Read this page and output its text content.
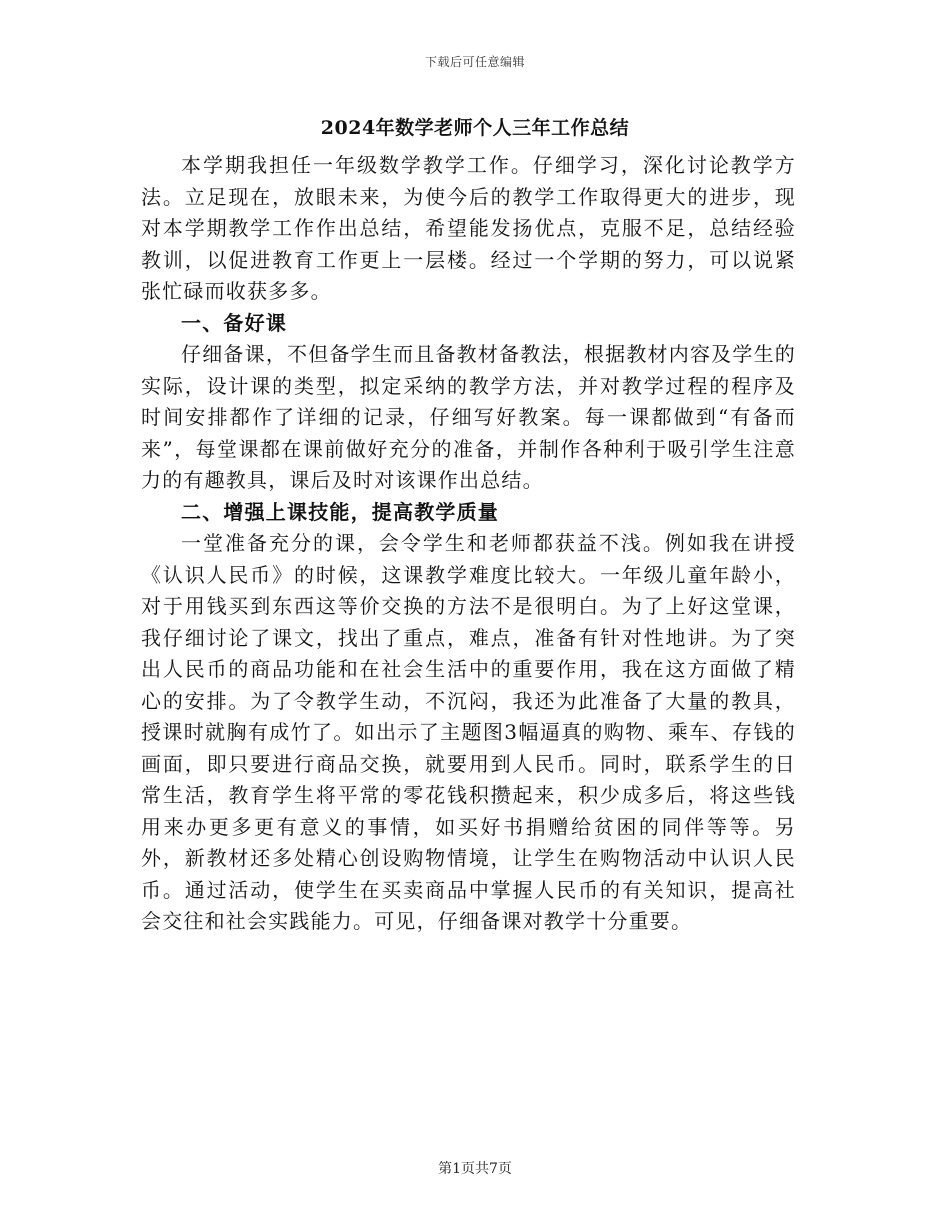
下载后可任意编辑
2024年数学老师个人三年工作总结

本学期我担任一年级数学教学工作。仔细学习，深化讨论教学方法。立足现在，放眼未来，为使今后的教学工作取得更大的进步，现对本学期教学工作作出总结，希望能发扬优点，克服不足，总结经验教训，以促进教育工作更上一层楼。经过一个学期的努力，可以说紧张忙碌而收获多多。

一、备好课

仔细备课，不但备学生而且备教材备教法，根据教材内容及学生的实际，设计课的类型，拟定采纳的教学方法，并对教学过程的程序及时间安排都作了详细的记录，仔细写好教案。每一课都做到“有备而来”，每堂课都在课前做好充分的准备，并制作各种利于吸引学生注意力的有趣教具，课后及时对该课作出总结。

二、增强上课技能，提高教学质量

一堂准备充分的课，会令学生和老师都获益不浅。例如我在讲授《认识人民币》的时候，这课教学难度比较大。一年级儿童年龄小，对于用钱买到东西这等价交换的方法不是很明白。为了上好这堂课，我仔细讨论了课文，找出了重点，难点，准备有针对性地讲。为了突出人民币的商品功能和在社会生活中的重要作用，我在这方面做了精心的安排。为了令教学生动，不沉闷，我还为此准备了大量的教具，授课时就胸有成竹了。如出示了主题图3幅逼真的购物、乘车、存钱的画面，即只要进行商品交换，就要用到人民币。同时，联系学生的日常生活，教育学生将平常的零花钱积攒起来，积少成多后，将这些钱用来办更多更有意义的事情，如买好书捐赠给贫困的同伴等等。另外，新教材还多处精心创设购物情境，让学生在购物活动中认识人民币。通过活动，使学生在买卖商品中掌握人民币的有关知识，提高社会交往和社会实践能力。可见，仔细备课对教学十分重要。

第1页共7页
